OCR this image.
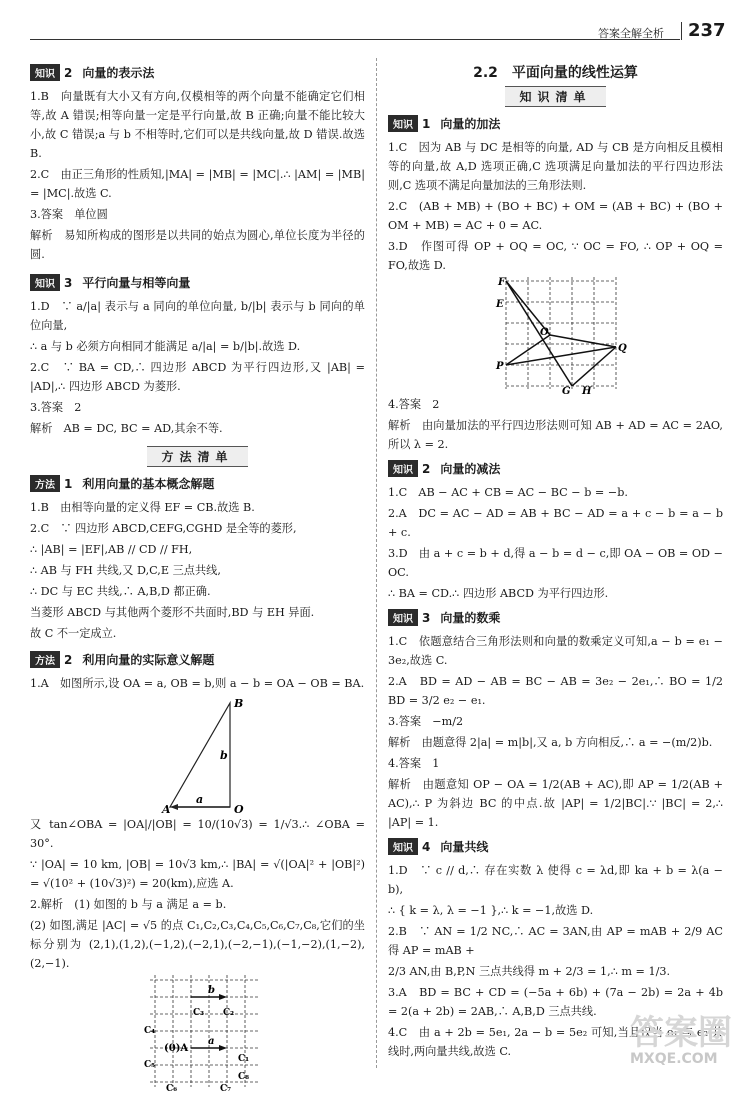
答案全解全析 237
知识 2 向量的表示法
1.B　向量既有大小又有方向,仅模相等的两个向量不能确定它们相等,故 A 错误;相等向量一定是平行向量,故 B 正确;向量不能比较大小,故 C 错误;a 与 b 不相等时,它们可以是共线向量,故 D 错误.故选 B.
2.C　由正三角形的性质知,|MA| = |MB| = |MC|.∴ |AM| = |MB| = |MC|.故选 C.
3.答案　单位圆
解析　易知所构成的图形是以共同的始点为圆心,单位长度为半径的圆.
知识 3 平行向量与相等向量
1.D　∵ a/|a| 表示与 a 同向的单位向量, b/|b| 表示与 b 同向的单位向量,
∴ a 与 b 必须方向相同才能满足 a/|a| = b/|b|.故选 D.
2.C　∵ BA = CD,∴ 四边形 ABCD 为平行四边形,又 |AB| = |AD|,∴ 四边形 ABCD 为菱形.
3.答案　2
解析　AB = DC, BC = AD,其余不等.
方法清单
方法 1 利用向量的基本概念解题
1.B　由相等向量的定义得 EF = CB.故选 B.
2.C　∵ 四边形 ABCD,CEFG,CGHD 是全等的菱形,
∴ |AB| = |EF|,AB // CD // FH,
∴ AB 与 FH 共线,又 D,C,E 三点共线,
∴ DC 与 EC 共线,∴ A,B,D 都正确.
当菱形 ABCD 与其他两个菱形不共面时,BD 与 EH 异面.
故 C 不一定成立.
方法 2 利用向量的实际意义解题
1.A　如图所示,设 OA = a, OB = b,则 a − b = OA − OB = BA.
A
B
O
a
b
又 tan∠OBA = |OA|/|OB| = 10/(10√3) = 1/√3.∴ ∠OBA = 30°.
∵ |OA| = 10 km, |OB| = 10√3 km,∴ |BA| = √(|OA|² + |OB|²) = √(10² + (10√3)²) = 20(km),应选 A.
2.解析　(1) 如图的 b 与 a 满足 a = b.
(2) 如图,满足 |AC| = √5 的点 C₁,C₂,C₃,C₄,C₅,C₆,C₇,C₈,它们的坐标分别为 (2,1),(1,2),(−1,2),(−2,1),(−2,−1),(−1,−2),(1,−2),(2,−1).
b
a
(0)A
C₁
C₂
C₃
C₄
C₅
C₆	C₇
C₈
2.2　平面向量的线性运算
知识清单
知识 1 向量的加法
1.C　因为 AB 与 DC 是相等的向量, AD 与 CB 是方向相反且模相等的向量,故 A,D 选项正确,C 选项满足向量加法的平行四边形法则,C 选项不满足向量加法的三角形法则.
2.C　(AB + MB) + (BO + BC) + OM = (AB + BC) + (BO + OM + MB) = AC + 0 = AC.
3.D　作图可得 OP + OQ = OC, ∵ OC = FO, ∴ OP + OQ = FO,故选 D.
F
E
O
Q
P
G H
4.答案　2
解析　由向量加法的平行四边形法则可知 AB + AD = AC = 2AO,所以 λ = 2.
知识 2 向量的减法
1.C　AB − AC + CB = AC − BC − b = −b.
2.A　DC = AC − AD = AB + BC − AD = a + c − b = a − b + c.
3.D　由 a + c = b + d,得 a − b = d − c,即 OA − OB = OD − OC.
∴ BA = CD.∴ 四边形 ABCD 为平行四边形.
知识 3 向量的数乘
1.C　依题意结合三角形法则和向量的数乘定义可知,a − b = e₁ − 3e₂,故选 C.
2.A　BD = AD − AB = BC − AB = 3e₂ − 2e₁,∴ BO = 1/2 BD = 3/2 e₂ − e₁.
3.答案　−m/2
解析　由题意得 2|a| = m|b|,又 a, b 方向相反,∴ a = −(m/2)b.
4.答案　1
解析　由题意知 OP − OA = 1/2(AB + AC),即 AP = 1/2(AB + AC),∴ P 为斜边 BC 的中点.故 |AP| = 1/2|BC|.∵ |BC| = 2,∴ |AP| = 1.
知识 4 向量共线
1.D　∵ c // d,∴ 存在实数 λ 使得 c = λd,即 ka + b = λ(a − b),
∴ { k = λ, λ = −1 },∴ k = −1,故选 D.
2.B　∵ AN = 1/2 NC,∴ AC = 3AN,由 AP = mAB + 2/9 AC 得 AP = mAB +
2/3 AN,由 B,P,N 三点共线得 m + 2/3 = 1,∴ m = 1/3.
3.A　BD = BC + CD = (−5a + 6b) + (7a − 2b) = 2a + 4b = 2(a + 2b) = 2AB,∴ A,B,D 三点共线.
4.C　由 a + 2b = 5e₁, 2a − b = 5e₂ 可知,当且仅当 e₁ 与 e₂ 共线时,两向量共线,故选 C.	答案圈
MXQE.COM
